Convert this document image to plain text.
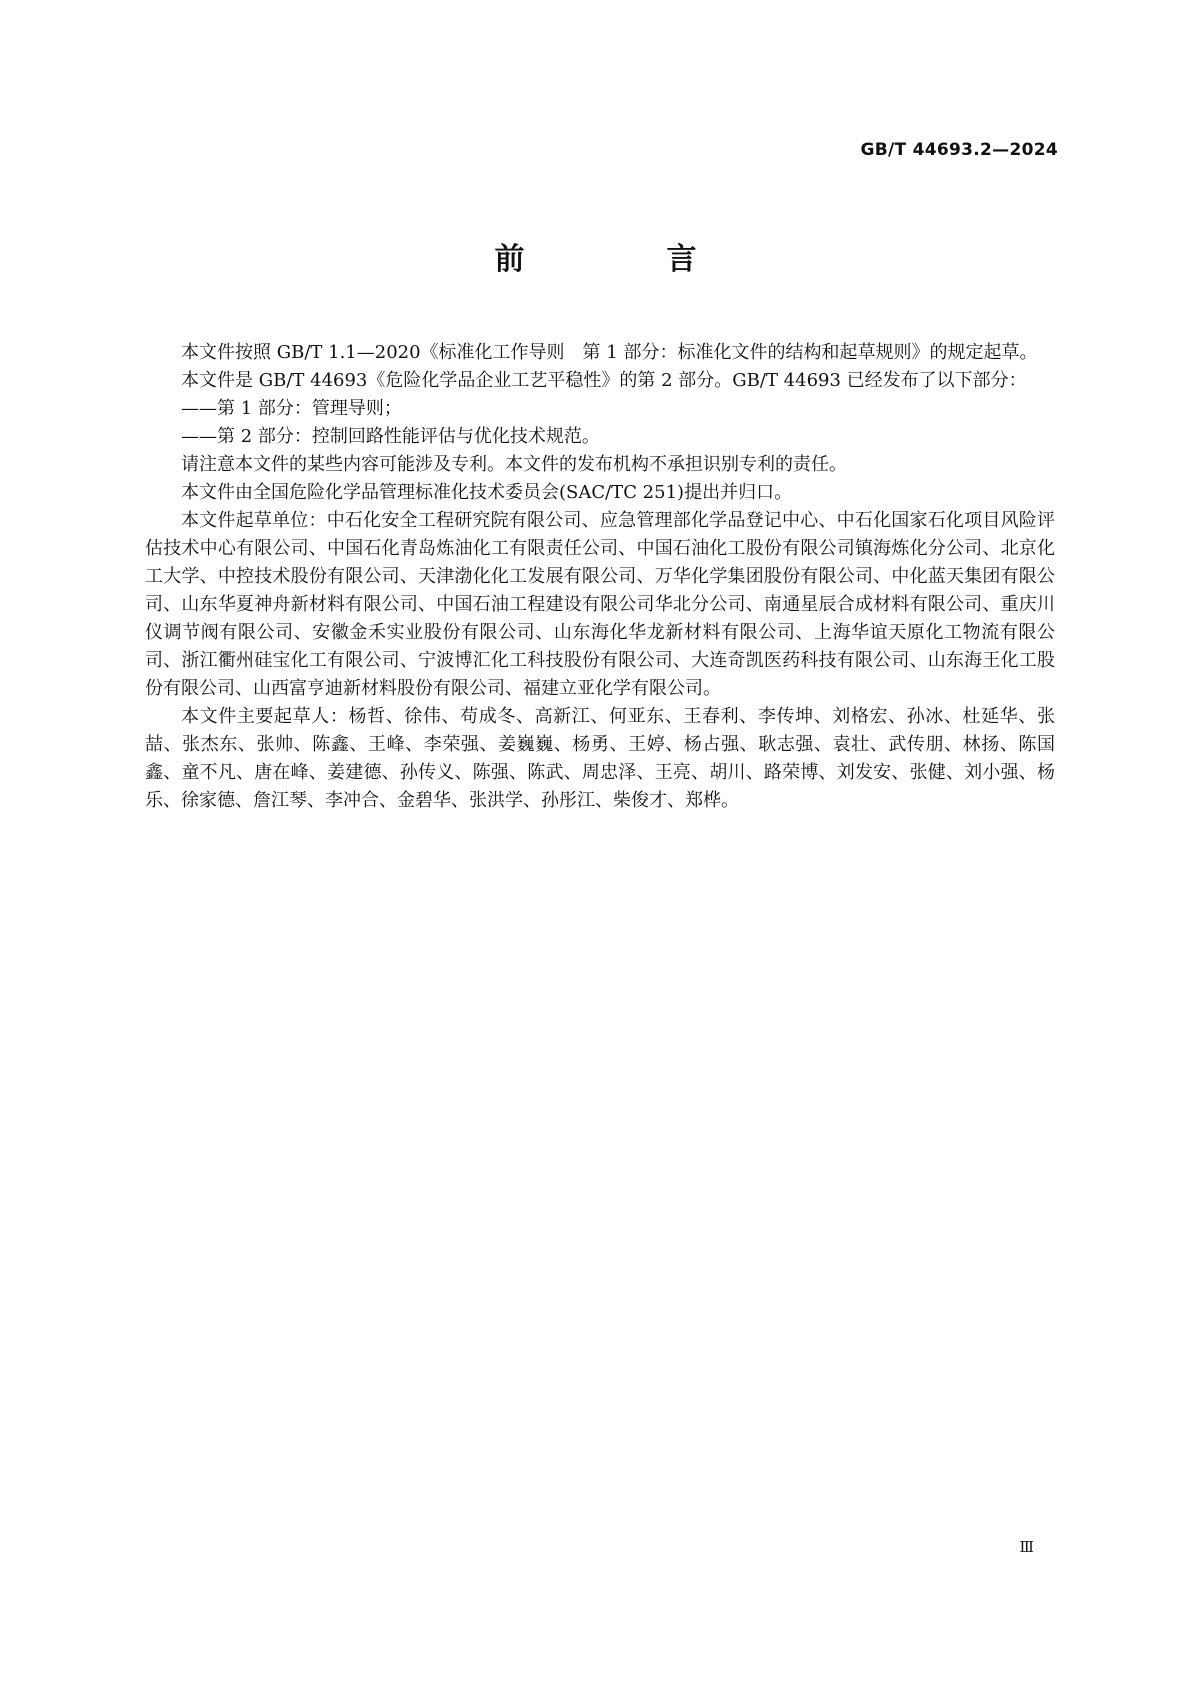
GB/T 44693.2—2024
前　言

本文件按照 GB/T 1.1—2020《标准化工作导则　第 1 部分：标准化文件的结构和起草规则》的规定起草。

本文件是 GB/T 44693《危险化学品企业工艺平稳性》的第 2 部分。GB/T 44693 已经发布了以下部分：

——第 1 部分：管理导则；

——第 2 部分：控制回路性能评估与优化技术规范。

请注意本文件的某些内容可能涉及专利。本文件的发布机构不承担识别专利的责任。

本文件由全国危险化学品管理标准化技术委员会(SAC/TC 251)提出并归口。

本文件起草单位：中石化安全工程研究院有限公司、应急管理部化学品登记中心、中石化国家石化项目风险评估技术中心有限公司、中国石化青岛炼油化工有限责任公司、中国石油化工股份有限公司镇海炼化分公司、北京化工大学、中控技术股份有限公司、天津渤化化工发展有限公司、万华化学集团股份有限公司、中化蓝天集团有限公司、山东华夏神舟新材料有限公司、中国石油工程建设有限公司华北分公司、南通星辰合成材料有限公司、重庆川仪调节阀有限公司、安徽金禾实业股份有限公司、山东海化华龙新材料有限公司、上海华谊天原化工物流有限公司、浙江衢州硅宝化工有限公司、宁波博汇化工科技股份有限公司、大连奇凯医药科技有限公司、山东海王化工股份有限公司、山西富亨迪新材料股份有限公司、福建立亚化学有限公司。

本文件主要起草人：杨哲、徐伟、苟成冬、高新江、何亚东、王春利、李传坤、刘格宏、孙冰、杜延华、张喆、张杰东、张帅、陈鑫、王峰、李荣强、姜巍巍、杨勇、王婷、杨占强、耿志强、袁壮、武传朋、林扬、陈国鑫、童不凡、唐在峰、姜建德、孙传义、陈强、陈武、周忠泽、王亮、胡川、路荣博、刘发安、张健、刘小强、杨乐、徐家德、詹江琴、李冲合、金碧华、张洪学、孙彤江、柴俊才、郑桦。

Ⅲ
